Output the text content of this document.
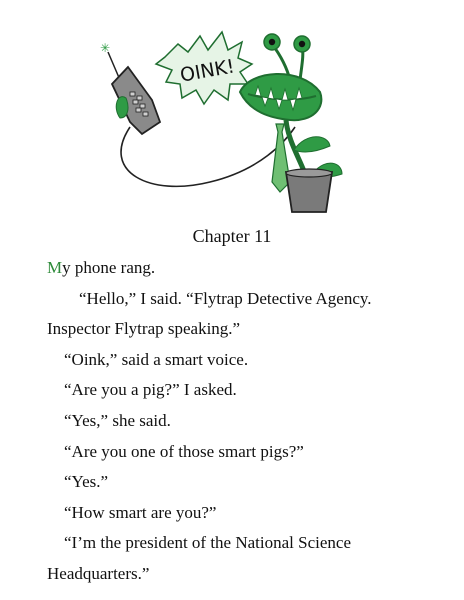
✳
OINK!
Chapter 11

My phone rang.

“Hello,” I said. “Flytrap Detective Agency.

Inspector Flytrap speaking.”

“Oink,” said a smart voice.

“Are you a pig?” I asked.

“Yes,” she said.

“Are you one of those smart pigs?”

“Yes.”

“How smart are you?”

“I’m the president of the National Science

Headquarters.”
